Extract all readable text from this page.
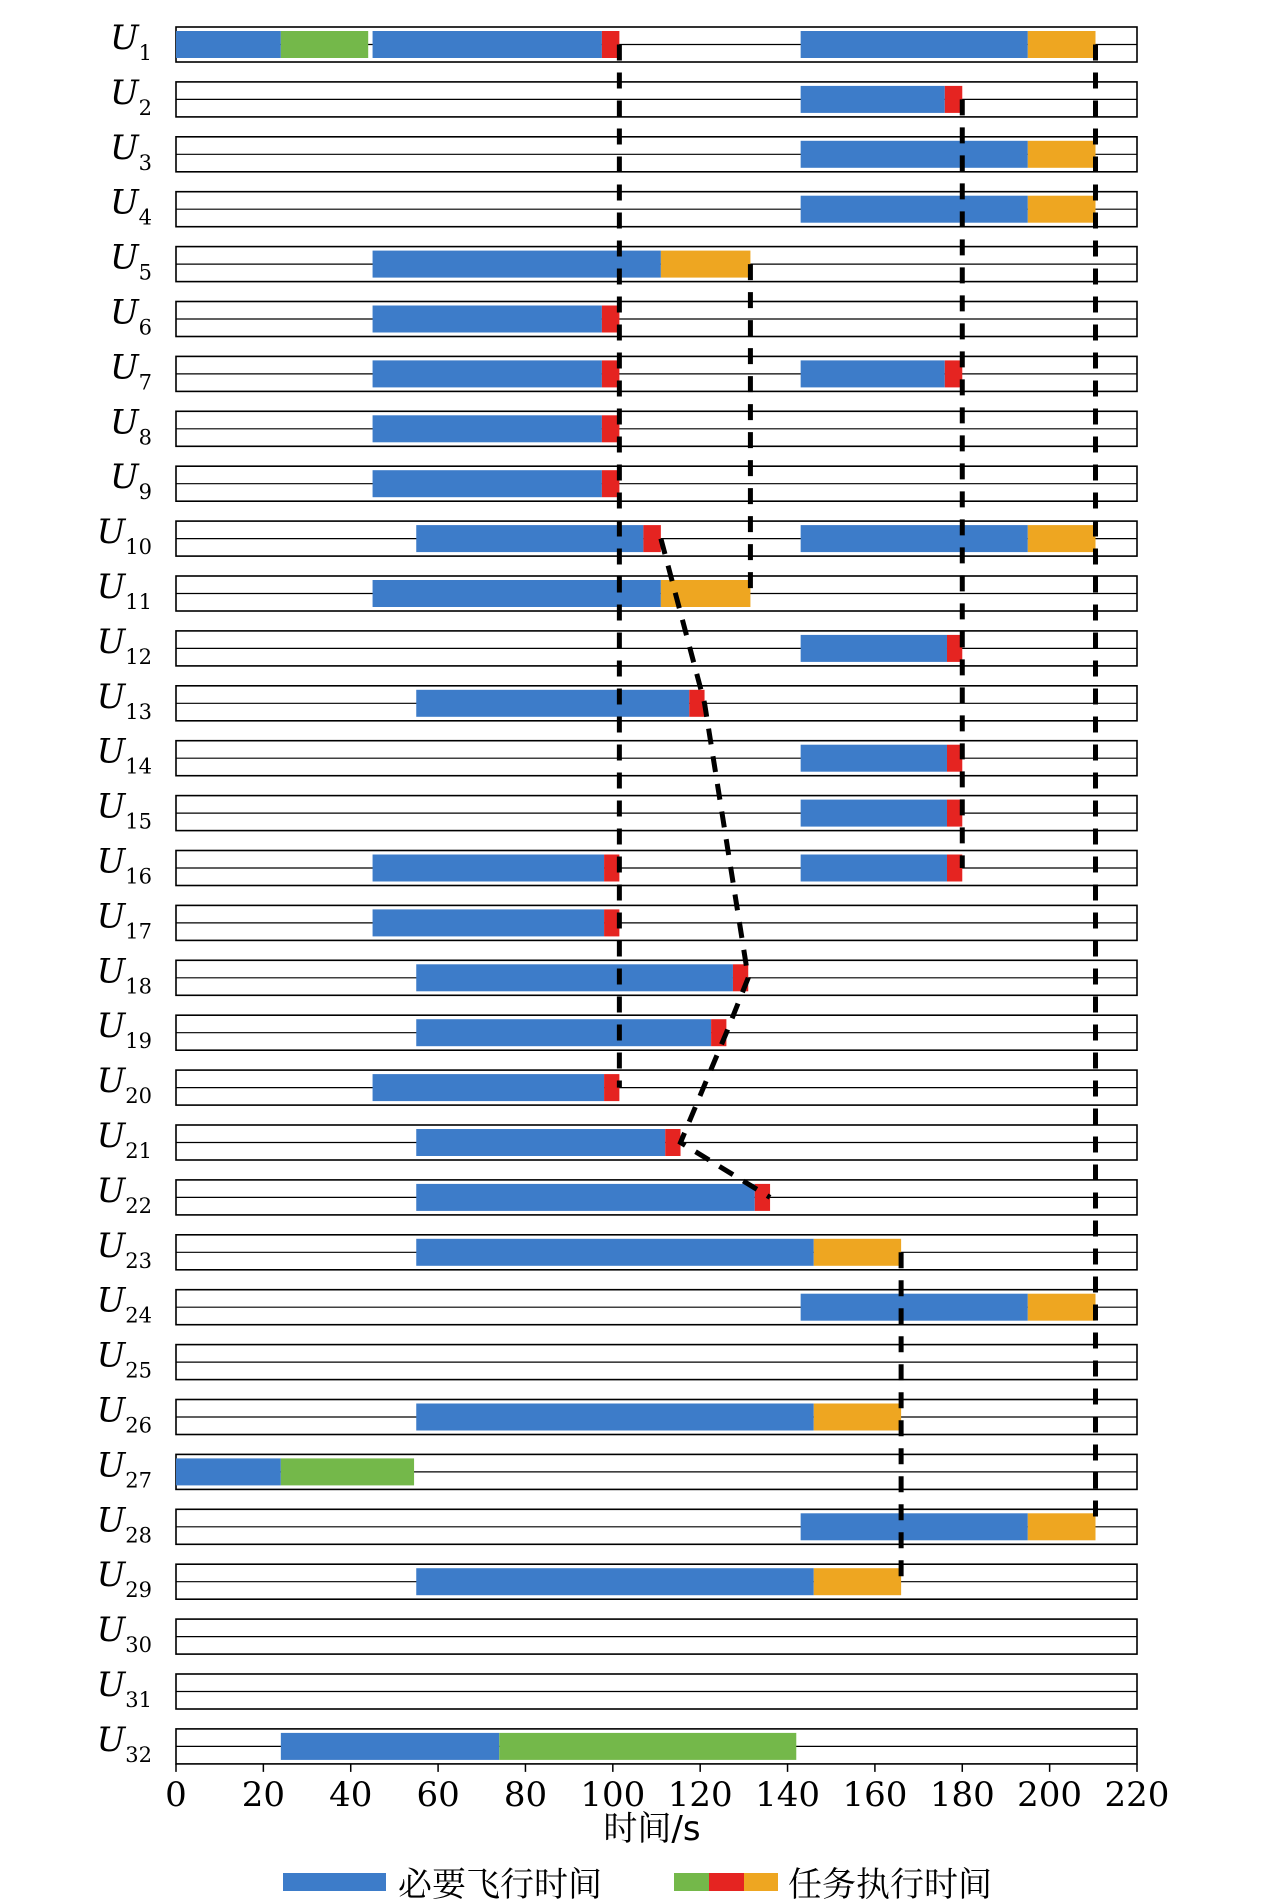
$U_1$
$U_2$
$U_3$
$U_4$
$U_5$
$U_6$
$U_7$
$U_8$
$U_9$
$U_{10}$
$U_{11}$
$U_{12}$
$U_{13}$
$U_{14}$
$U_{15}$
$U_{16}$
$U_{17}$
$U_{18}$
$U_{19}$
$U_{20}$
$U_{21}$
$U_{22}$
$U_{23}$
$U_{24}$
$U_{25}$
$U_{26}$
$U_{27}$
$U_{28}$
$U_{29}$
$U_{30}$
$U_{31}$
$U_{32}$
0 20 40 60 80 100 120 140 160 180 200 220
时间/s
必要飞行时间	任务执行时间
